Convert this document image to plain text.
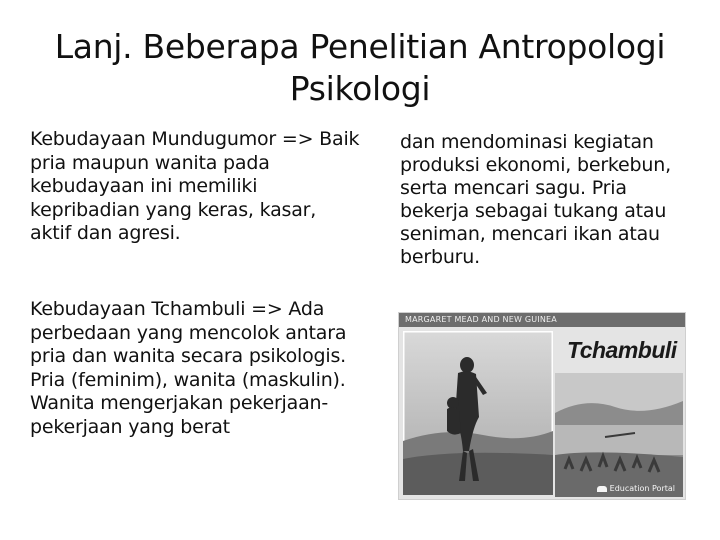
Lanj. Beberapa Penelitian Antropologi
Psikologi
Kebudayaan Mundugumor => Baik pria maupun wanita pada kebudayaan ini memiliki kepribadian yang keras, kasar, aktif dan agresi.
Kebudayaan Tchambuli => Ada perbedaan yang mencolok antara pria dan wanita secara psikologis. Pria (feminim), wanita (maskulin). Wanita mengerjakan pekerjaan-pekerjaan yang berat
dan mendominasi kegiatan produksi ekonomi, berkebun, serta mencari sagu. Pria bekerja sebagai tukang atau seniman, mencari ikan atau berburu.
MARGARET MEAD AND NEW GUINEA
Tchambuli
Education Portal
